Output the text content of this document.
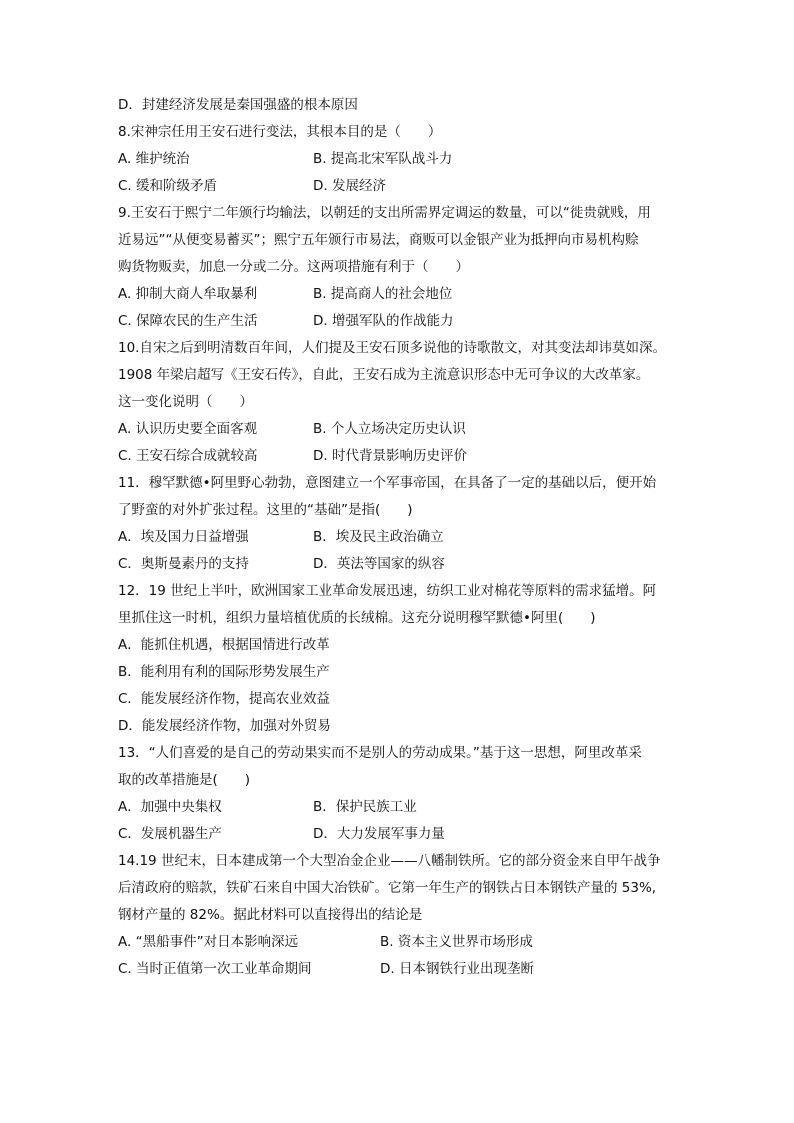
D．封建经济发展是秦国强盛的根本原因
8.宋神宗任用王安石进行变法，其根本目的是（　　）
A. 维护统治	B. 提高北宋军队战斗力
C. 缓和阶级矛盾	D. 发展经济
9.王安石于熙宁二年颁行均输法，以朝廷的支出所需界定调运的数量，可以“徙贵就贱，用
近易远”“从便变易蓄买”；熙宁五年颁行市易法，商贩可以金银产业为抵押向市易机构赊
购货物贩卖，加息一分或二分。这两项措施有利于（　　）
A. 抑制大商人牟取暴利	B. 提高商人的社会地位
C. 保障农民的生产生活	D. 增强军队的作战能力
10.自宋之后到明清数百年间，人们提及王安石顶多说他的诗歌散文，对其变法却讳莫如深。
1908 年梁启超写《王安石传》，自此，王安石成为主流意识形态中无可争议的大改革家。
这一变化说明（　　）
A. 认识历史要全面客观	B. 个人立场决定历史认识
C. 王安石综合成就较高	D. 时代背景影响历史评价
11．穆罕默德•阿里野心勃勃，意图建立一个军事帝国，在具备了一定的基础以后，便开始
了野蛮的对外扩张过程。这里的“基础”是指(　　)
A．埃及国力日益增强	B．埃及民主政治确立
C．奥斯曼素丹的支持	D．英法等国家的纵容
12．19 世纪上半叶，欧洲国家工业革命发展迅速，纺织工业对棉花等原料的需求猛增。阿
里抓住这一时机，组织力量培植优质的长绒棉。这充分说明穆罕默德•阿里(　　)
A．能抓住机遇，根据国情进行改革
B．能利用有利的国际形势发展生产
C．能发展经济作物，提高农业效益
D．能发展经济作物，加强对外贸易
13．“人们喜爱的是自己的劳动果实而不是别人的劳动成果。”基于这一思想，阿里改革采
取的改革措施是(　　)
A．加强中央集权	B．保护民族工业
C．发展机器生产	D．大力发展军事力量
14.19 世纪末，日本建成第一个大型冶金企业——八幡制铁所。它的部分资金来自甲午战争
后清政府的赔款，铁矿石来自中国大冶铁矿。它第一年生产的钢铁占日本钢铁产量的 53%,
钢材产量的 82%。据此材料可以直接得出的结论是
A. “黑船事件”对日本影响深远	B. 资本主义世界市场形成
C. 当时正值第一次工业革命期间	D. 日本钢铁行业出现垄断
